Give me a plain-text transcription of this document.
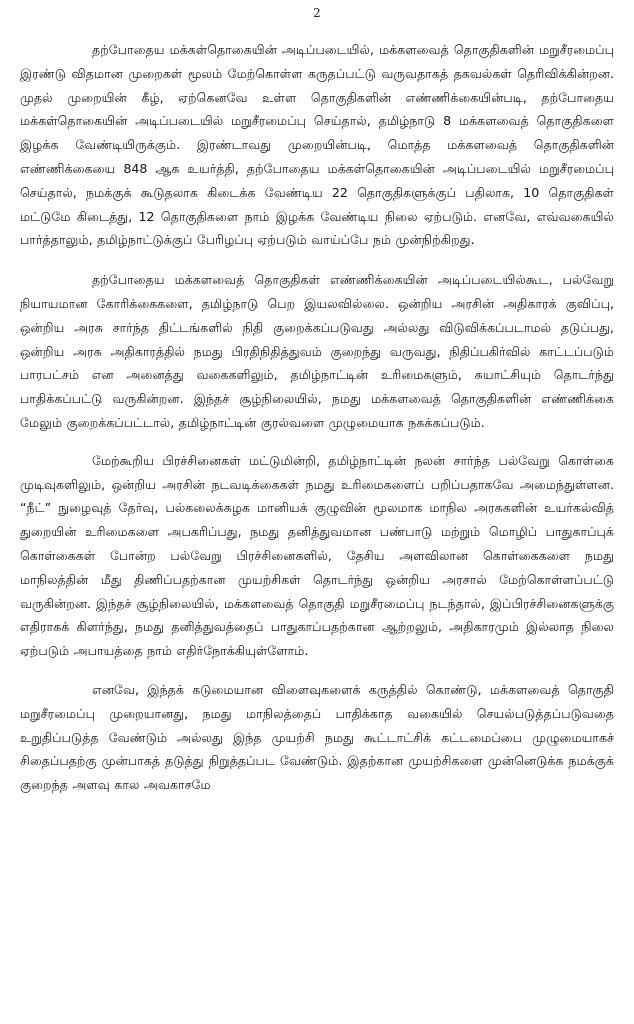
2

தற்போதைய மக்கள்தொகையின் அடிப்படையில், மக்களவைத் தொகுதிகளின் மறுசீரமைப்பு இரண்டு விதமான முறைகள் மூலம் மேற்கொள்ள கருதப்பட்டு வருவதாகத் தகவல்கள் தெரிவிக்கின்றன. முதல் முறையின் கீழ், ஏற்கெனவே உள்ள தொகுதிகளின் எண்ணிக்கையின்படி, தற்போதைய மக்கள்தொகையின் அடிப்படையில் மறுசீரமைப்பு செய்தால், தமிழ்நாடு 8 மக்களவைத் தொகுதிகளை இழக்க வேண்டியிருக்கும். இரண்டாவது முறையின்படி, மொத்த மக்களவைத் தொகுதிகளின் எண்ணிக்கையை 848 ஆக உயர்த்தி, தற்போதைய மக்கள்தொகையின் அடிப்படையில் மறுசீரமைப்பு செய்தால், நமக்குக் கூடுதலாக கிடைக்க வேண்டிய 22 தொகுதிகளுக்குப் பதிலாக, 10 தொகுதிகள் மட்டுமே கிடைத்து, 12 தொகுதிகளை நாம் இழக்க வேண்டிய நிலை ஏற்படும். எனவே, எவ்வகையில் பார்த்தாலும், தமிழ்நாட்டுக்குப் பேரிழப்பு ஏற்படும் வாய்ப்பே நம் முன்நிற்கிறது.

தற்போதைய மக்களவைத் தொகுதிகள் எண்ணிக்கையின் அடிப்படையில்கூட, பல்வேறு நியாயமான கோரிக்கைகளை, தமிழ்நாடு பெற இயலவில்லை. ஒன்றிய அரசின் அதிகாரக் குவிப்பு, ஒன்றிய அரசு சார்ந்த திட்டங்களில் நிதி குறைக்கப்படுவது அல்லது விடுவிக்கப்படாமல் தடுப்பது, ஒன்றிய அரசு அதிகாரத்தில் நமது பிரதிநிதித்துவம் குறைந்து வருவது, நிதிப்பகிர்வில் காட்டப்படும் பாரபட்சம் என அனைத்து வகைகளிலும், தமிழ்நாட்டின் உரிமைகளும், சுயாட்சியும் தொடர்ந்து பாதிக்கப்பட்டு வருகின்றன. இந்தச் சூழ்நிலையில், நமது மக்களவைத் தொகுதிகளின் எண்ணிக்கை மேலும் குறைக்கப்பட்டால், தமிழ்நாட்டின் குரல்வளை முழுமையாக நசுக்கப்படும்.

மேற்கூறிய பிரச்சினைகள் மட்டுமின்றி, தமிழ்நாட்டின் நலன் சார்ந்த பல்வேறு கொள்கை முடிவுகளிலும், ஒன்றிய அரசின் நடவடிக்கைகள் நமது உரிமைகளைப் பறிப்பதாகவே அமைந்துள்ளன. “நீட்” நுழைவுத் தேர்வு, பல்கலைக்கழக மானியக் குழுவின் மூலமாக மாநில அரசுகளின் உயர்கல்வித் துறையின் உரிமைகளை அபகரிப்பது, நமது தனித்துவமான பண்பாடு மற்றும் மொழிப் பாதுகாப்புக் கொள்கைகள் போன்ற பல்வேறு பிரச்சினைகளில், தேசிய அளவிலான கொள்கைகளை நமது மாநிலத்தின் மீது திணிப்பதற்கான முயற்சிகள் தொடர்ந்து ஒன்றிய அரசால் மேற்கொள்ளப்பட்டு வருகின்றன. இந்தச் சூழ்நிலையில், மக்களவைத் தொகுதி மறுசீரமைப்பு நடந்தால், இப்பிரச்சினைகளுக்கு எதிராகக் கிளர்ந்து, நமது தனித்துவத்தைப் பாதுகாப்பதற்கான ஆற்றலும், அதிகாரமும் இல்லாத நிலை ஏற்படும் அபாயத்தை நாம் எதிர்நோக்கியுள்ளோம்.

எனவே, இந்தக் கடுமையான விளைவுகளைக் கருத்தில் கொண்டு, மக்களவைத் தொகுதி மறுசீரமைப்பு முறையானது, நமது மாநிலத்தைப் பாதிக்காத வகையில் செயல்படுத்தப்படுவதை உறுதிப்படுத்த வேண்டும் அல்லது இந்த முயற்சி நமது கூட்டாட்சிக் கட்டமைப்பை முழுமையாகச் சிதைப்பதற்கு முன்பாகத் தடுத்து நிறுத்தப்பட வேண்டும். இதற்கான முயற்சிகளை முன்னெடுக்க நமக்குக் குறைந்த அளவு கால அவகாசமே
